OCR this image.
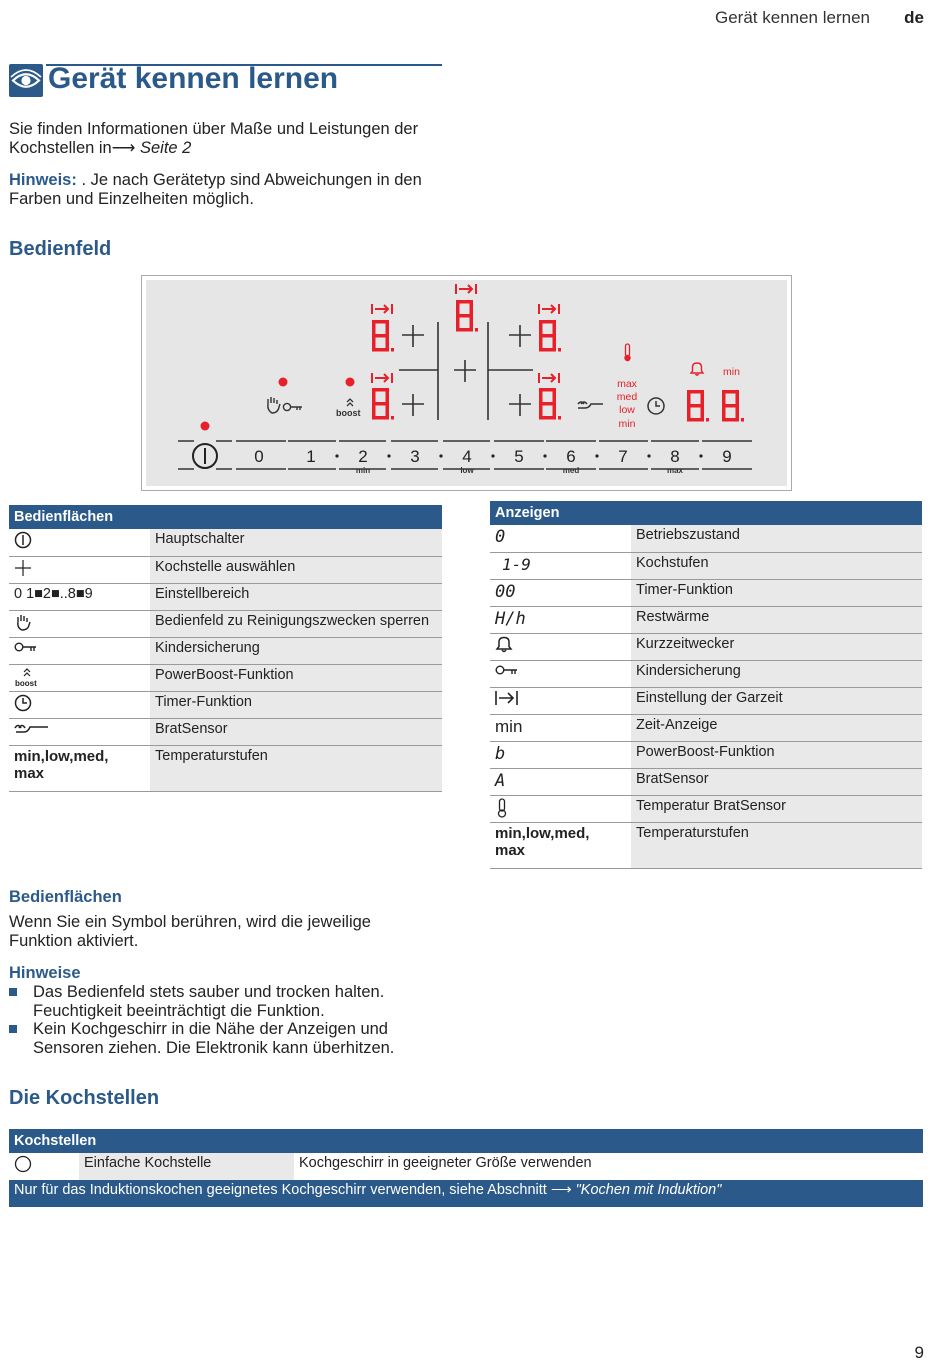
Gerät kennen lernen de
Gerät kennen lernen
Sie finden Informationen über Maße und Leistungen der Kochstellen in⟶ Seite 2
Hinweis: . Je nach Gerätetyp sind Abweichungen in den Farben und Einzelheiten möglich.
Bedienfeld
boost
max
med
low
min
min
0	1	2	3	4	5	6	7	8	9
min	low	med	max
Bedienflächen	
	Hauptschalter
	Kochstelle auswählen
0 1■2■..8■9	Einstellbereich
	Bedienfeld zu Reinigungszwecken sperren
	Kindersicherung

boost	PowerBoost-Funktion
	Timer-Funktion
	BratSensor
min,low,med,
max	Temperaturstufen
Anzeigen	
0	Betriebszustand
1-9	Kochstufen
00	Timer-Funktion
H/h	Restwärme
	Kurzzeitwecker
	Kindersicherung
	Einstellung der Garzeit
min	Zeit-Anzeige
b	PowerBoost-Funktion
A	BratSensor
	Temperatur BratSensor
min,low,med,
max	Temperaturstufen
Bedienflächen
Wenn Sie ein Symbol berühren, wird die jeweilige Funktion aktiviert.
Hinweise
Das Bedienfeld stets sauber und trocken halten. Feuchtigkeit beeinträchtigt die Funktion.
Kein Kochgeschirr in die Nähe der Anzeigen und Sensoren ziehen. Die Elektronik kann überhitzen.
Die Kochstellen
Kochstellen
	Einfache Kochstelle	Kochgeschirr in geeigneter Größe verwenden
Nur für das Induktionskochen geeignetes Kochgeschirr verwenden, siehe Abschnitt ⟶ "Kochen mit Induktion"
9
